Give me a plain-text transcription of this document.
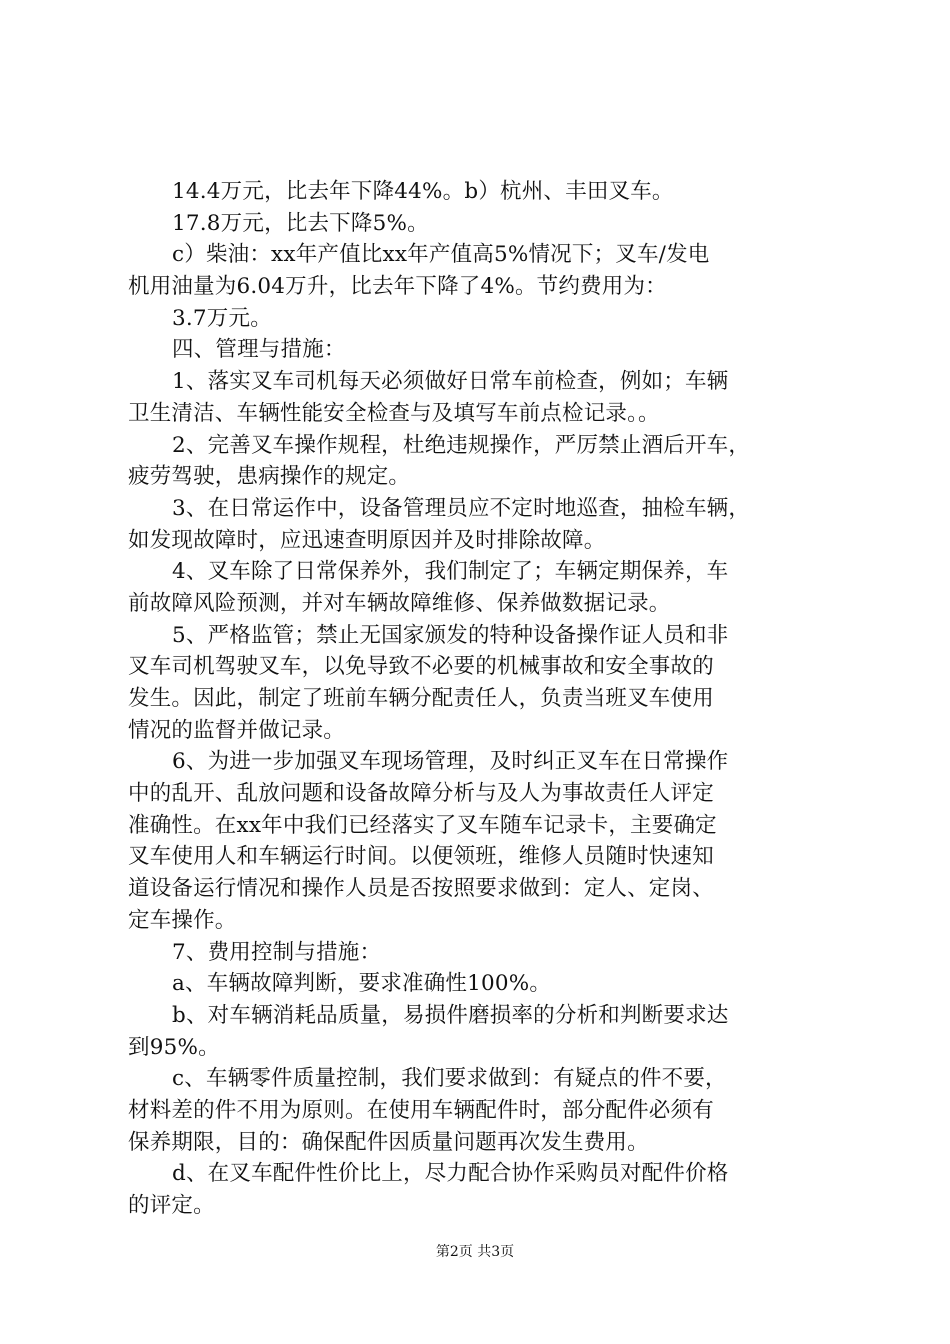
14.4万元，比去年下降44%。b）杭州、丰田叉车。
17.8万元，比去下降5%。
c）柴油：xx年产值比xx年产值高5%情况下；叉车/发电
机用油量为6.04万升，比去年下降了4%。节约费用为：
3.7万元。
四、管理与措施：
1、落实叉车司机每天必须做好日常车前检查，例如；车辆
卫生清洁、车辆性能安全检查与及填写车前点检记录。。
2、完善叉车操作规程，杜绝违规操作，严厉禁止酒后开车，
疲劳驾驶，患病操作的规定。
3、在日常运作中，设备管理员应不定时地巡查，抽检车辆，
如发现故障时，应迅速查明原因并及时排除故障。
4、叉车除了日常保养外，我们制定了；车辆定期保养，车
前故障风险预测，并对车辆故障维修、保养做数据记录。
5、严格监管；禁止无国家颁发的特种设备操作证人员和非
叉车司机驾驶叉车，以免导致不必要的机械事故和安全事故的
发生。因此，制定了班前车辆分配责任人，负责当班叉车使用
情况的监督并做记录。
6、为进一步加强叉车现场管理，及时纠正叉车在日常操作
中的乱开、乱放问题和设备故障分析与及人为事故责任人评定
准确性。在xx年中我们已经落实了叉车随车记录卡，主要确定
叉车使用人和车辆运行时间。以便领班，维修人员随时快速知
道设备运行情况和操作人员是否按照要求做到：定人、定岗、
定车操作。
7、费用控制与措施：
a、车辆故障判断，要求准确性100%。
b、对车辆消耗品质量，易损件磨损率的分析和判断要求达
到95%。
c、车辆零件质量控制，我们要求做到：有疑点的件不要，
材料差的件不用为原则。在使用车辆配件时，部分配件必须有
保养期限，目的：确保配件因质量问题再次发生费用。
d、在叉车配件性价比上，尽力配合协作采购员对配件价格
的评定。
第2页 共3页
